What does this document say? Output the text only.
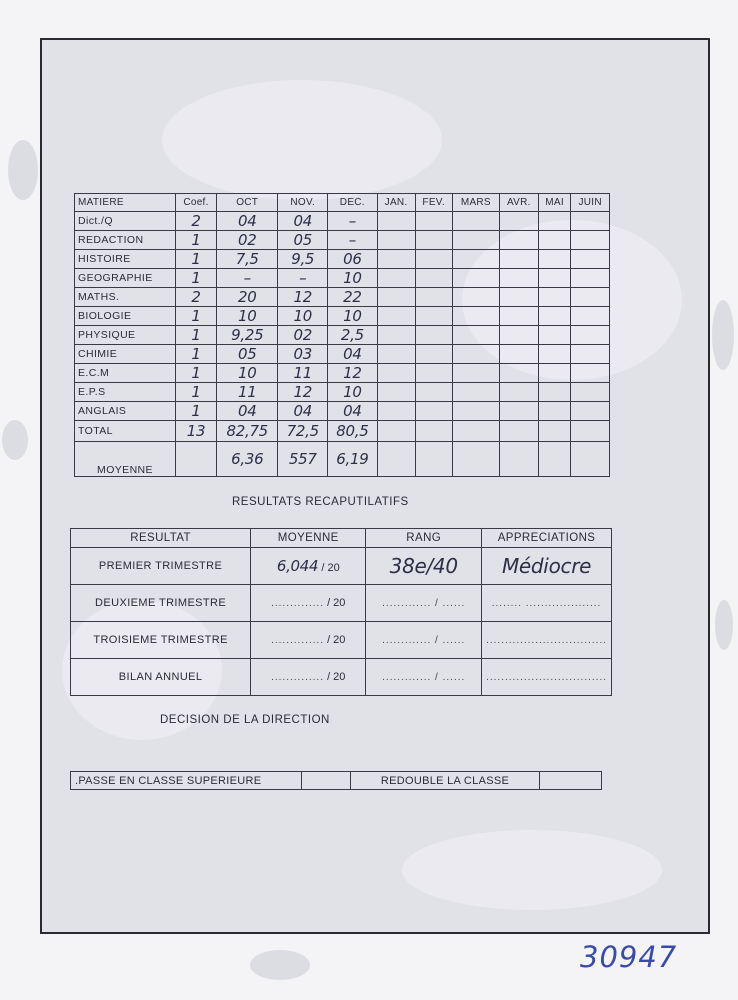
MATIERE	Coef.	OCT	NOV.	DEC.	JAN.	FEV.	MARS	AVR.	MAI	JUIN
Dict./Q	2	04	04	–						
REDACTION	1	02	05	–						
HISTOIRE	1	7,5	9,5	06						
GEOGRAPHIE	1	–	–	10						
MATHS.	2	20	12	22						
BIOLOGIE	1	10	10	10						
PHYSIQUE	1	9,25	02	2,5						
CHIMIE	1	05	03	04						
E.C.M	1	10	11	12						
E.P.S	1	11	12	10						
ANGLAIS	1	04	04	04						
TOTAL	13	82,75	72,5	80,5						
MOYENNE		6,36	557	6,19						
RESULTATS RECAPUTILATIFS
RESULTAT	MOYENNE	RANG	APPRECIATIONS
PREMIER TRIMESTRE	6,044 / 20	38e/40	Médiocre
DEUXIEME TRIMESTRE	.............. / 20	............. / ......	........ ....................
TROISIEME TRIMESTRE	.............. / 20	............. / ......	................................
BILAN ANNUEL	.............. / 20	............. / ......	................................
DECISION DE LA DIRECTION
.PASSE EN CLASSE SUPERIEURE		REDOUBLE LA CLASSE	
30947
